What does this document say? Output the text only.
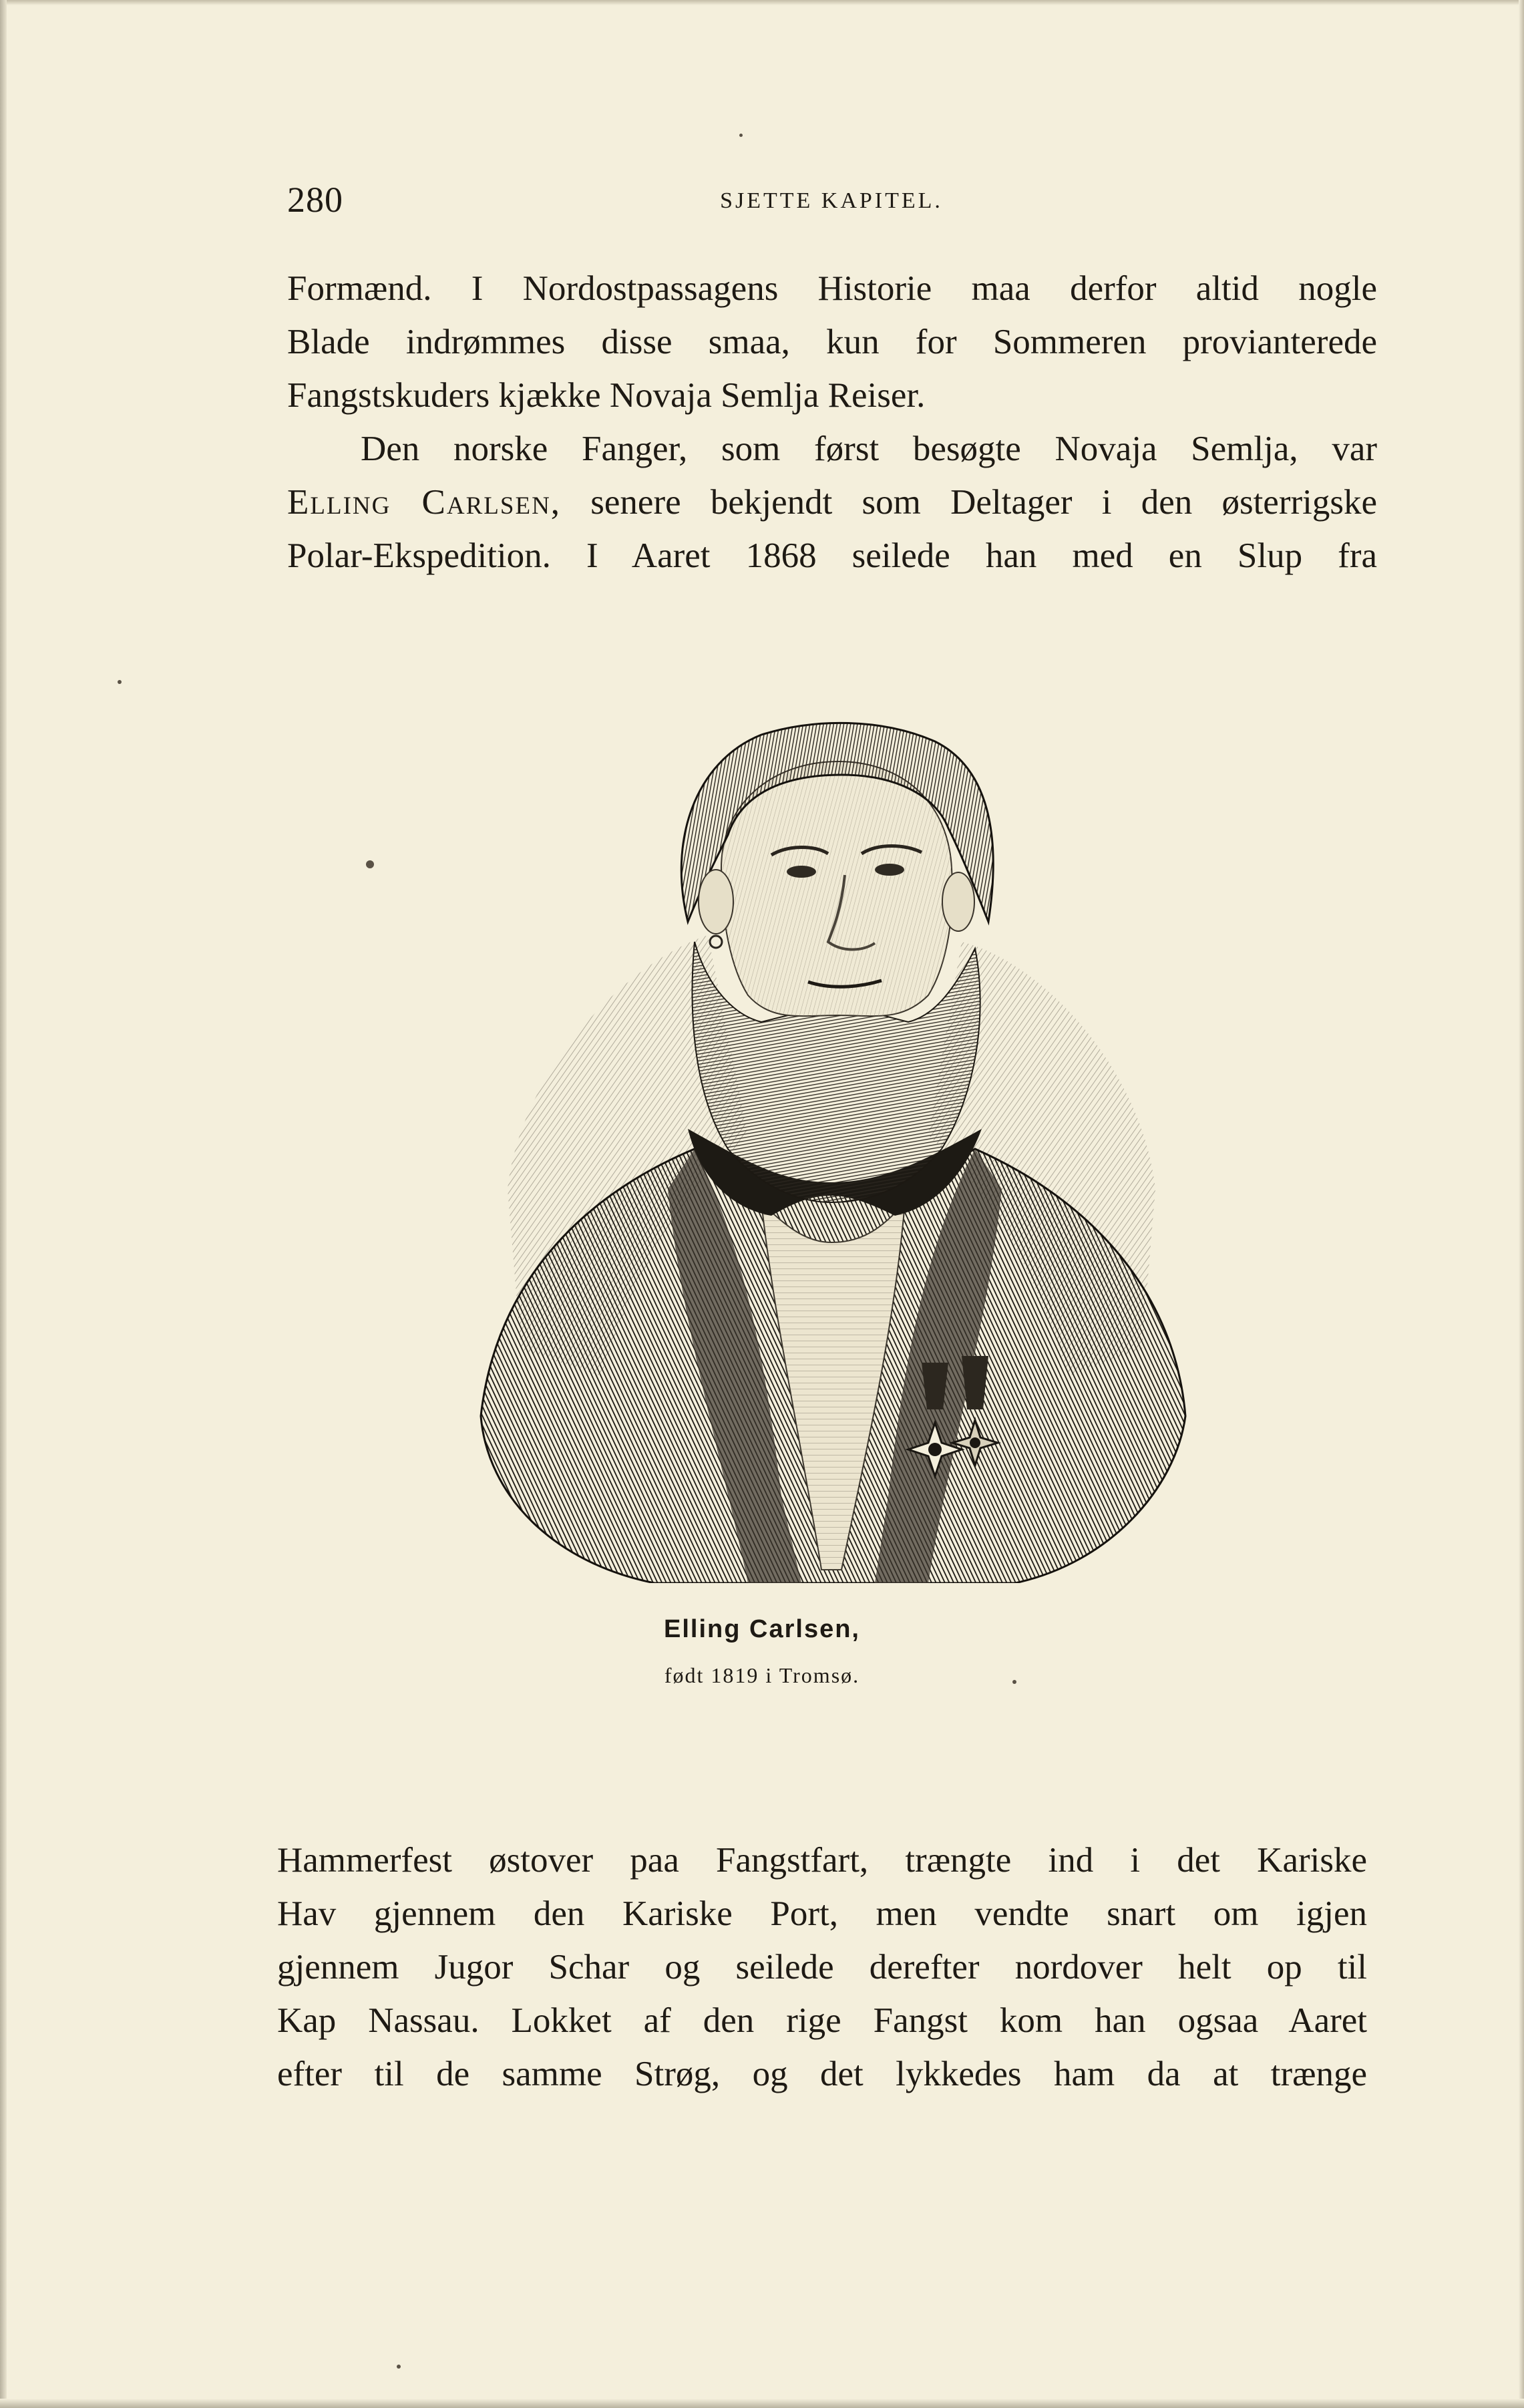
280	SJETTE KAPITEL.
Formænd. I Nordostpassagens Historie maa derfor altid nogle
Blade indrømmes disse smaa, kun for Sommeren provianterede
Fangstskuders kjække Novaja Semlja Reiser.
Den norske Fanger, som først besøgte Novaja Semlja, var
Elling Carlsen, senere bekjendt som Deltager i den østerrigske
Polar-Ekspedition. I Aaret 1868 seilede han med en Slup fra
Elling Carlsen,
født 1819 i Tromsø.
Hammerfest østover paa Fangstfart, trængte ind i det Kariske
Hav gjennem den Kariske Port, men vendte snart om igjen
gjennem Jugor Schar og seilede derefter nordover helt op til
Kap Nassau. Lokket af den rige Fangst kom han ogsaa Aaret
efter til de samme Strøg, og det lykkedes ham da at trænge
